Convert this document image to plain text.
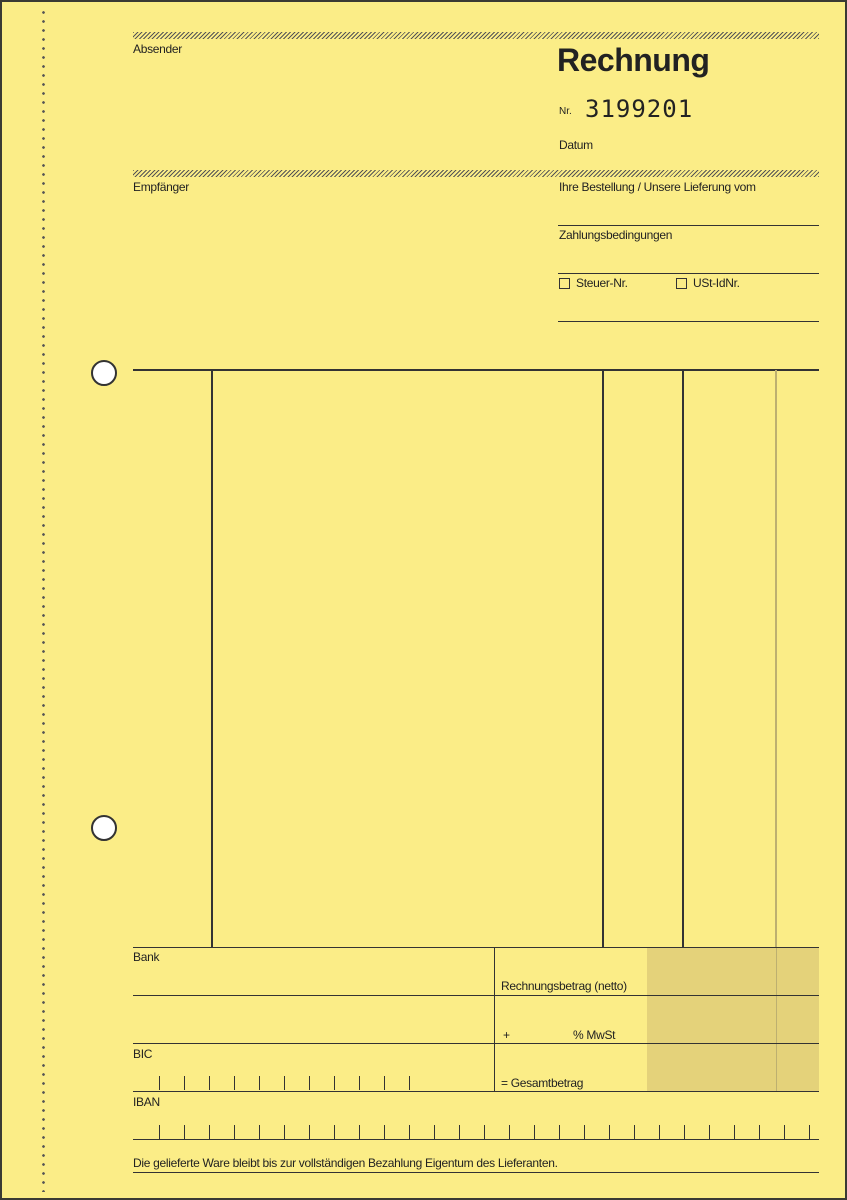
Absender	Rechnung
Nr. 3199201
Datum
Empfänger	Ihre Bestellung / Unsere Lieferung vom
Zahlungsbedingungen
Steuer-Nr.	USt-IdNr.
Bank
Rechnungsbetrag (netto)
+	% MwSt
BIC
= Gesamtbetrag
IBAN
Die gelieferte Ware bleibt bis zur vollständigen Bezahlung Eigentum des Lieferanten.
